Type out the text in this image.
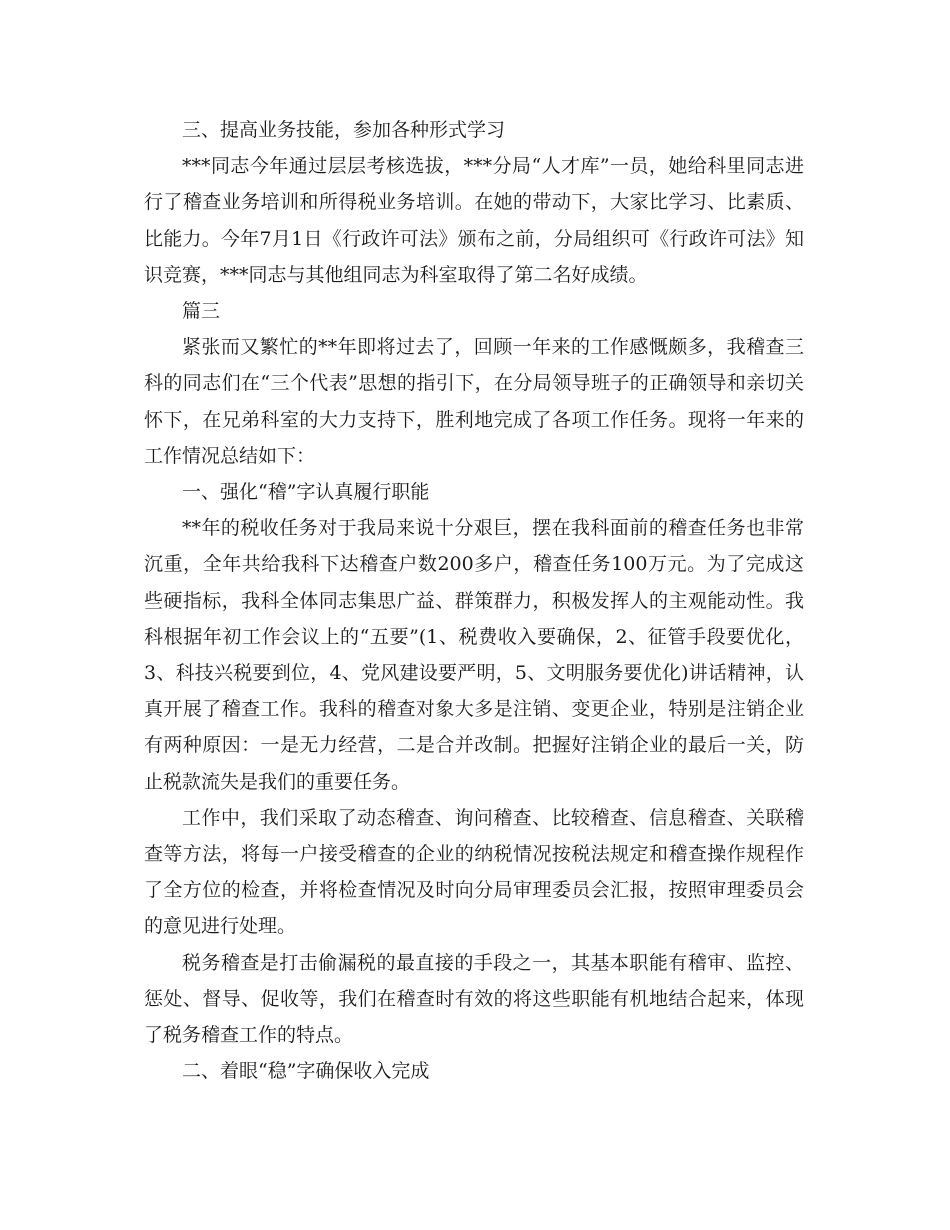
三、提高业务技能，参加各种形式学习

***同志今年通过层层考核选拔，***分局“人才库”一员，她给科里同志进行了稽查业务培训和所得税业务培训。在她的带动下，大家比学习、比素质、比能力。今年7月1日《行政许可法》颁布之前，分局组织可《行政许可法》知识竞赛，***同志与其他组同志为科室取得了第二名好成绩。

篇三

紧张而又繁忙的**年即将过去了，回顾一年来的工作感慨颇多，我稽查三科的同志们在“三个代表”思想的指引下，在分局领导班子的正确领导和亲切关怀下，在兄弟科室的大力支持下，胜利地完成了各项工作任务。现将一年来的工作情况总结如下：

一、强化“稽”字认真履行职能

**年的税收任务对于我局来说十分艰巨，摆在我科面前的稽查任务也非常沉重，全年共给我科下达稽查户数200多户，稽查任务100万元。为了完成这些硬指标，我科全体同志集思广益、群策群力，积极发挥人的主观能动性。我科根据年初工作会议上的“五要”(1、税费收入要确保，2、征管手段要优化，3、科技兴税要到位，4、党风建设要严明，5、文明服务要优化)讲话精神，认真开展了稽查工作。我科的稽查对象大多是注销、变更企业，特别是注销企业有两种原因：一是无力经营，二是合并改制。把握好注销企业的最后一关，防止税款流失是我们的重要任务。

工作中，我们采取了动态稽查、询问稽查、比较稽查、信息稽查、关联稽查等方法，将每一户接受稽查的企业的纳税情况按税法规定和稽查操作规程作了全方位的检查，并将检查情况及时向分局审理委员会汇报，按照审理委员会的意见进行处理。

税务稽查是打击偷漏税的最直接的手段之一，其基本职能有稽审、监控、惩处、督导、促收等，我们在稽查时有效的将这些职能有机地结合起来，体现了税务稽查工作的特点。

二、着眼“稳”字确保收入完成
